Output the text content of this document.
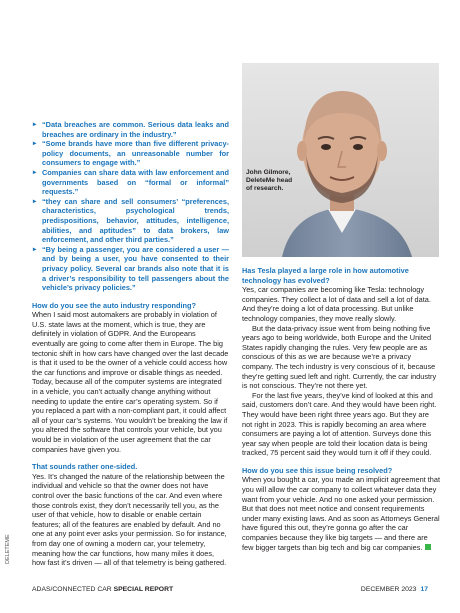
John Gilmore, DeleteMe head of research.
▸ “Data breaches are common. Serious data leaks and breaches are ordinary in the industry.”
▸ “Some brands have more than five different privacy-policy documents, an unreasonable number for consumers to engage with.”
▸ Companies can share data with law enforcement and governments based on “formal or informal” requests.”
▸ “they can share and sell consumers’ “preferences, characteristics, psychological trends, predispositions, behavior, attitudes, intelligence, abilities, and aptitudes” to data brokers, law enforcement, and other third parties.”
▸ “By being a passenger, you are considered a user — and by being a user, you have consented to their privacy policy. Several car brands also note that it is a driver’s responsibility to tell passengers about the vehicle’s privacy policies.”
How do you see the auto industry responding?

When I said most automakers are probably in violation of U.S. state laws at the moment, which is true, they are definitely in violation of GDPR. And the Europeans eventually are going to come after them in Europe. The big tectonic shift in how cars have changed over the last decade is that it used to be the owner of a vehicle could access how the car functions and improve or disable things as needed. Today, because all of the computer systems are integrated in a vehicle, you can’t actually change anything without needing to update the entire car’s operating system. So if you replaced a part with a non-compliant part, it could affect all of your car’s systems. You wouldn’t be breaking the law if you altered the software that controls your vehicle, but you would be in violation of the user agreement that the car companies have given you.

That sounds rather one-sided.

Yes. It’s changed the nature of the relationship between the individual and vehicle so that the owner does not have control over the basic functions of the car. And even where those controls exist, they don’t necessarily tell you, as the user of that vehicle, how to disable or enable certain features; all of the features are enabled by default. And no one at any point ever asks your permission. So for instance, from day one of owning a modern car, your telemetry, meaning how the car functions, how many miles it does, how fast it’s driven — all of that telemetry is being gathered.

Has Tesla played a large role in how automotive technology has evolved?

Yes, car companies are becoming like Tesla: technology companies. They collect a lot of data and sell a lot of data. And they’re doing a lot of data processing. But unlike technology companies, they move really slowly.

But the data-privacy issue went from being nothing five years ago to being worldwide, both Europe and the United States rapidly changing the rules. Very few people are as conscious of this as we are because we’re a privacy company. The tech industry is very conscious of it, because they’re getting sued left and right. Currently, the car industry is not conscious. They’re not there yet.

For the last five years, they’ve kind of looked at this and said, customers don’t care. And they would have been right. They would have been right three years ago. But they are not right in 2023. This is rapidly becoming an area where consumers are paying a lot of attention. Surveys done this year say when people are told their location data is being tracked, 75 percent said they would turn it off if they could.

How do you see this issue being resolved?

When you bought a car, you made an implicit agreement that you will allow the car company to collect whatever data they want from your vehicle. And no one asked your permission. But that does not meet notice and consent requirements under many existing laws. And as soon as Attorneys General have figured this out, they’re gonna go after the car companies because they like big targets — and there are few bigger targets than big tech and big car companies.

DELETEME
ADAS/CONNECTED CAR SPECIAL REPORT	DECEMBER 2023 17
